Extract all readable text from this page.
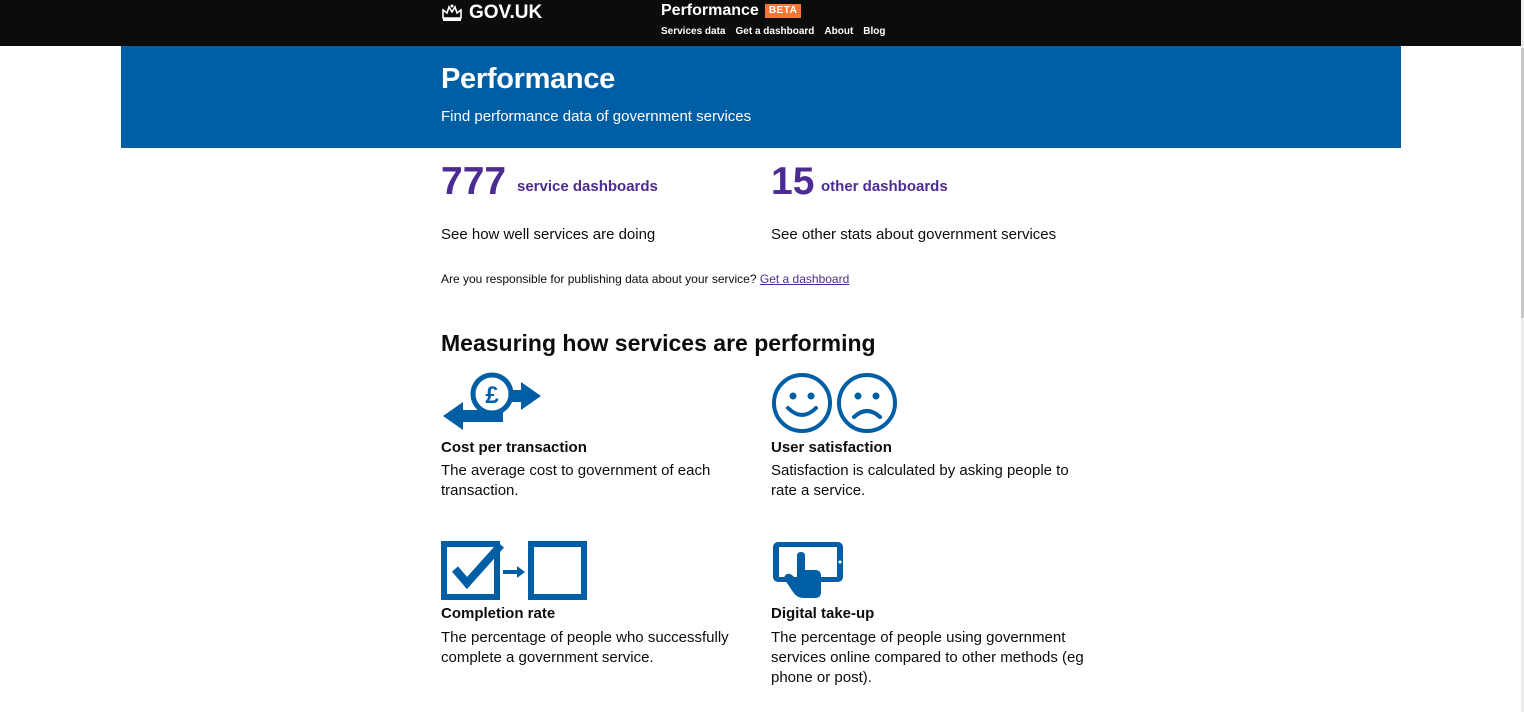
GOV.UK	Performance	BETA
Services data Get a dashboard About Blog
Performance

Find performance data of government services

777 service dashboards
See how well services are doing
15 other dashboards
See other stats about government services

Are you responsible for publishing data about your service? Get a dashboard

Measuring how services are performing
£
Cost per transaction

The average cost to government of each transaction.

User satisfaction

Satisfaction is calculated by asking people to rate a service.

Completion rate

The percentage of people who successfully complete a government service.

Digital take-up

The percentage of people using government services online compared to other methods (eg phone or post).
